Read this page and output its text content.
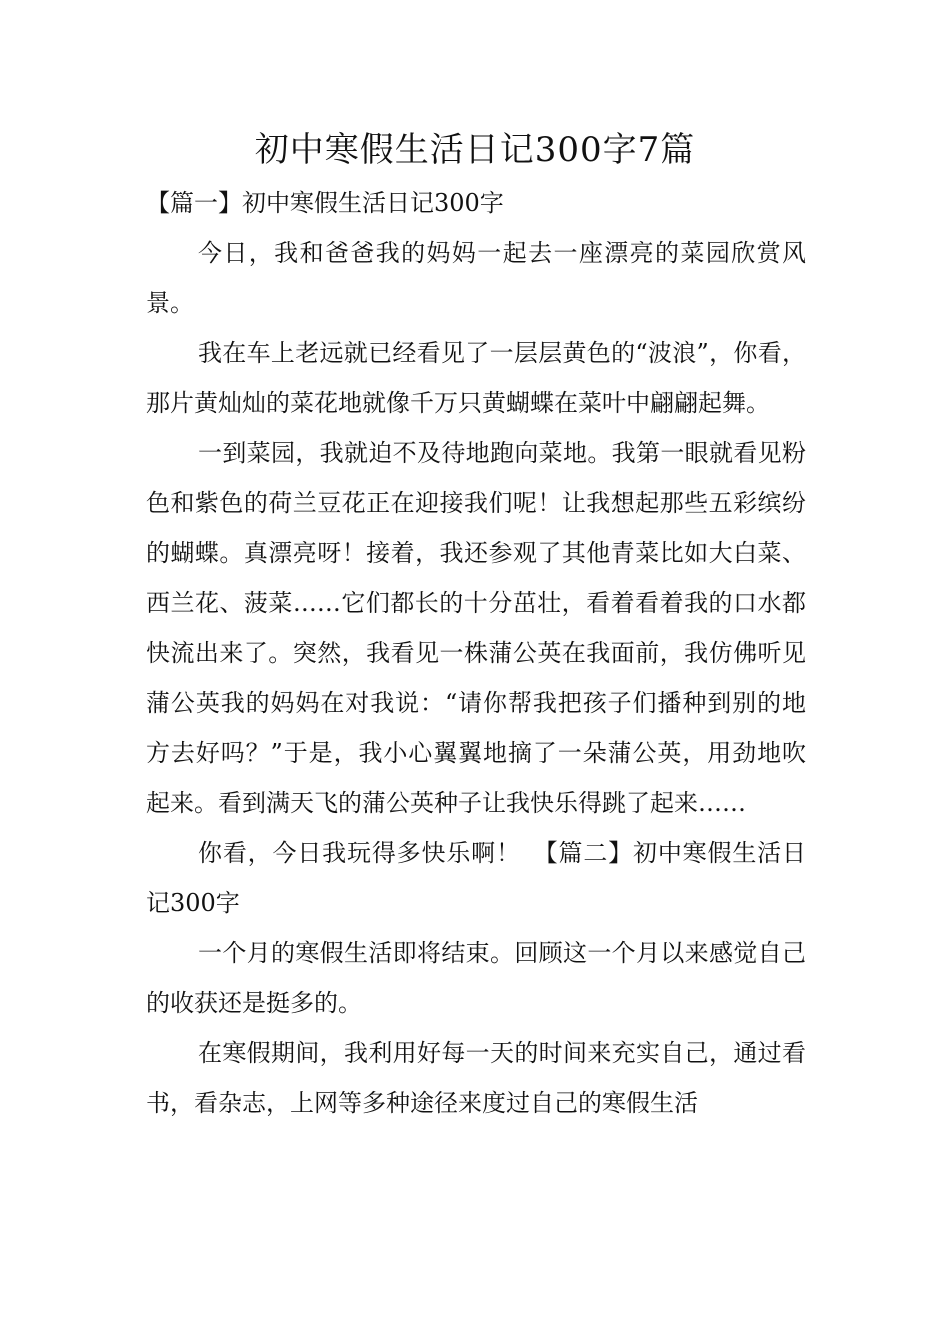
初中寒假生活日记300字7篇

【篇一】初中寒假生活日记300字

今日，我和爸爸我的妈妈一起去一座漂亮的菜园欣赏风景。

我在车上老远就已经看见了一层层黄色的“波浪”，你看，那片黄灿灿的菜花地就像千万只黄蝴蝶在菜叶中翩翩起舞。

一到菜园，我就迫不及待地跑向菜地。我第一眼就看见粉色和紫色的荷兰豆花正在迎接我们呢！让我想起那些五彩缤纷的蝴蝶。真漂亮呀！接着，我还参观了其他青菜比如大白菜、西兰花、菠菜……它们都长的十分茁壮，看着看着我的口水都快流出来了。突然，我看见一株蒲公英在我面前，我仿佛听见蒲公英我的妈妈在对我说：“请你帮我把孩子们播种到别的地方去好吗？”于是，我小心翼翼地摘了一朵蒲公英，用劲地吹起来。看到满天飞的蒲公英种子让我快乐得跳了起来……

你看，今日我玩得多快乐啊！　【篇二】初中寒假生活日记300字

一个月的寒假生活即将结束。回顾这一个月以来感觉自己的收获还是挺多的。

在寒假期间，我利用好每一天的时间来充实自己，通过看书，看杂志，上网等多种途径来度过自己的寒假生活
